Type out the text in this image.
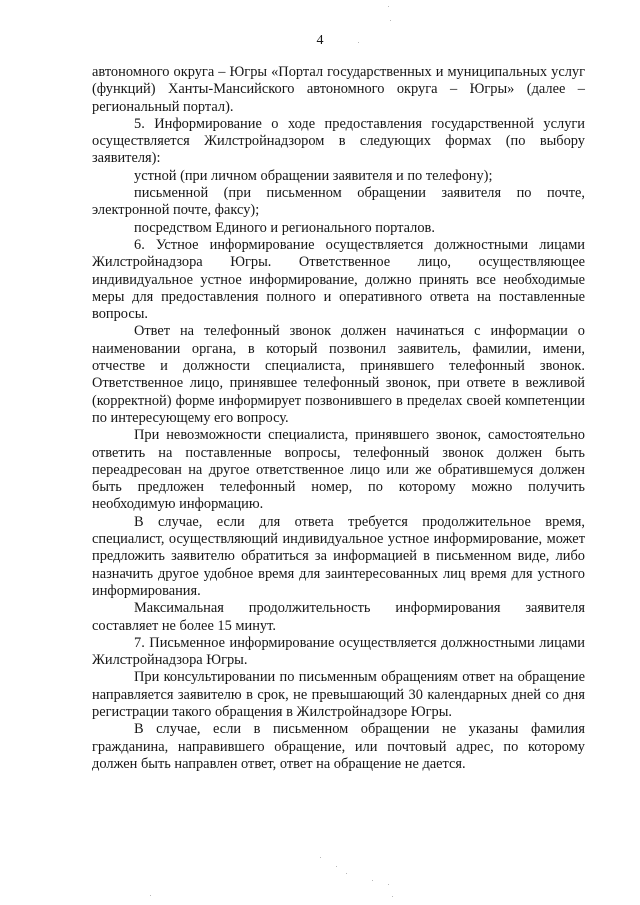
4

автономного округа – Югры «Портал государственных и муниципальных услуг (функций) Ханты-Мансийского автономного округа – Югры» (далее – региональный портал).

5. Информирование о ходе предоставления государственной услуги осуществляется Жилстройнадзором в следующих формах (по выбору заявителя):

устной (при личном обращении заявителя и по телефону);

письменной (при письменном обращении заявителя по почте, электронной почте, факсу);

посредством Единого и регионального порталов.

6. Устное информирование осуществляется должностными лицами Жилстройнадзора Югры. Ответственное лицо, осуществляющее индивидуальное устное информирование, должно принять все необходимые меры для предоставления полного и оперативного ответа на поставленные вопросы.

Ответ на телефонный звонок должен начинаться с информации о наименовании органа, в который позвонил заявитель, фамилии, имени, отчестве и должности специалиста, принявшего телефонный звонок. Ответственное лицо, принявшее телефонный звонок, при ответе в вежливой (корректной) форме информирует позвонившего в пределах своей компетенции по интересующему его вопросу.

При невозможности специалиста, принявшего звонок, самостоятельно ответить на поставленные вопросы, телефонный звонок должен быть переадресован на другое ответственное лицо или же обратившемуся должен быть предложен телефонный номер, по которому можно получить необходимую информацию.

В случае, если для ответа требуется продолжительное время, специалист, осуществляющий индивидуальное устное информирование, может предложить заявителю обратиться за информацией в письменном виде, либо назначить другое удобное время для заинтересованных лиц время для устного информирования.

Максимальная продолжительность информирования заявителя составляет не более 15 минут.

7. Письменное информирование осуществляется должностными лицами Жилстройнадзора Югры.

При консультировании по письменным обращениям ответ на обращение направляется заявителю в срок, не превышающий 30 календарных дней со дня регистрации такого обращения в Жилстройнадзоре Югры.

В случае, если в письменном обращении не указаны фамилия гражданина, направившего обращение, или почтовый адрес, по которому должен быть направлен ответ, ответ на обращение не дается.
